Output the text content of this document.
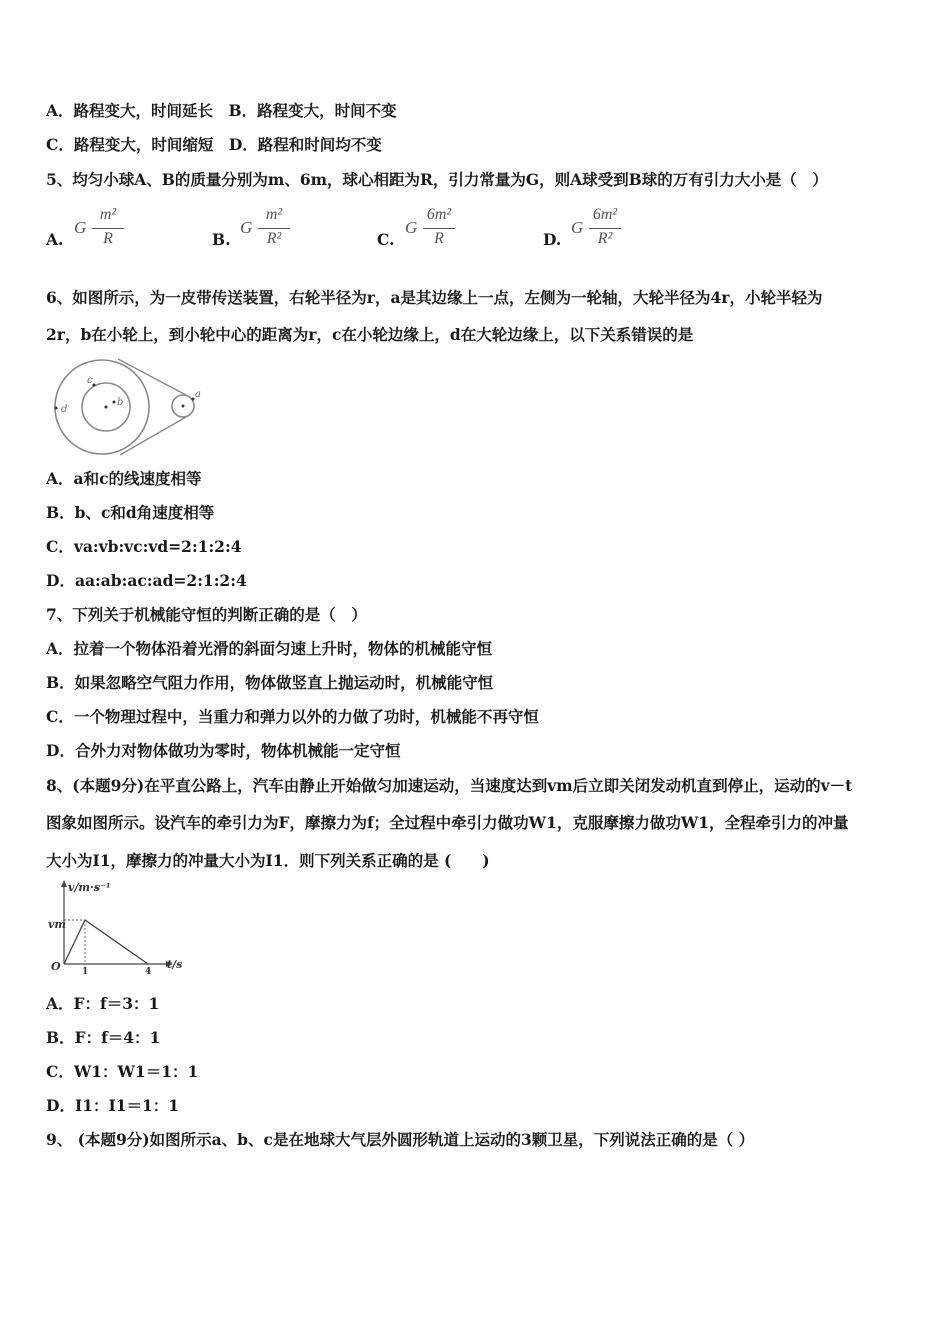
A．路程变大，时间延长　B．路程变大，时间不变
C．路程变大，时间缩短　D．路程和时间均不变
5、均匀小球A、B的质量分别为m、6m，球心相距为R，引力常量为G，则A球受到B球的万有引力大小是（　）
A.
G
m²
R	B.
G
m²
R²	C.
G
6m²
R	D.
G
6m²
R²
6、如图所示，为一皮带传送装置，右轮半径为r，a是其边缘上一点，左侧为一轮轴，大轮半径为4r，小轮半轻为
2r，b在小轮上，到小轮中心的距离为r，c在小轮边缘上，d在大轮边缘上，以下关系错误的是
b
c
d
a
A．a和c的线速度相等
B．b、c和d角速度相等
C．va:vb:vc:vd=2:1:2:4
D．aa:ab:ac:ad=2:1:2:4
7、下列关于机械能守恒的判断正确的是（　）
A．拉着一个物体沿着光滑的斜面匀速上升时，物体的机械能守恒
B．如果忽略空气阻力作用，物体做竖直上抛运动时，机械能守恒
C．一个物理过程中，当重力和弹力以外的力做了功时，机械能不再守恒
D．合外力对物体做功为零时，物体机械能一定守恒
8、(本题9分)在平直公路上，汽车由静止开始做匀加速运动，当速度达到vm后立即关闭发动机直到停止，运动的v－t
图象如图所示。设汽车的牵引力为F，摩擦力为f；全过程中牵引力做功W1，克服摩擦力做功W1，全程牵引力的冲量
大小为I1，摩擦力的冲量大小为I1．则下列关系正确的是 (　　)
v/m·s⁻¹
t/s
vm
1	4
O
A．F：f＝3：1
B．F：f＝4：1
C．W1：W1＝1：1
D．I1：I1＝1：1
9、 (本题9分)如图所示a、b、c是在地球大气层外圆形轨道上运动的3颗卫星，下列说法正确的是（ ）
